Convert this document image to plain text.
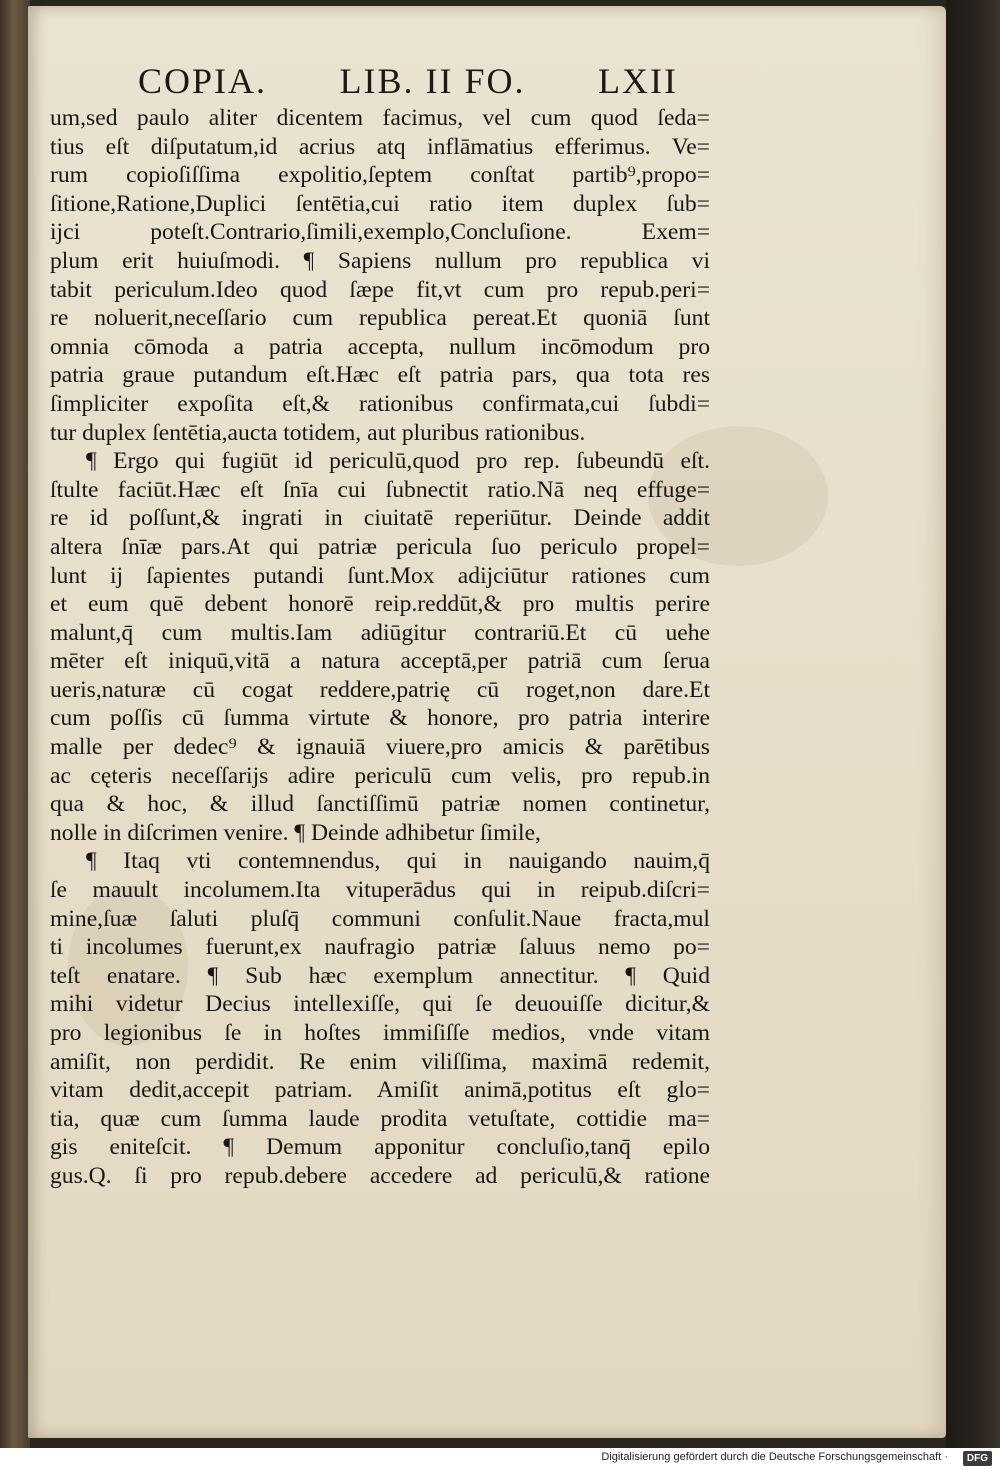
COPIA. LIB. II FO. LXII
um,sed paulo aliter dicentem facimus, vel cum quod ſeda=
tius eſt diſputatum,id acrius atq inflāmatius efferimus. Ve=
rum copioſiſſima expolitio,ſeptem conſtat partib⁹,propo=
ſitione,Ratione,Duplici ſentētia,cui ratio item duplex ſub=
ijci poteſt.Contrario,ſimili,exemplo,Concluſione. Exem=
plum erit huiuſmodi. ¶ Sapiens nullum pro republica vi
tabit periculum.Ideo quod ſæpe fit,vt cum pro repub.peri=
re noluerit,neceſſario cum republica pereat.Et quoniā ſunt
omnia cōmoda a patria accepta, nullum incōmodum pro
patria graue putandum eſt.Hæc eſt patria pars, qua tota res
ſimpliciter expoſita eſt,& rationibus confirmata,cui ſubdi=
tur duplex ſentētia,aucta totidem, aut pluribus rationibus.
¶ Ergo qui fugiūt id periculū,quod pro rep. ſubeundū eſt.
ſtulte faciūt.Hæc eſt ſnīa cui ſubnectit ratio.Nā neq effuge=
re id poſſunt,& ingrati in ciuitatē reperiūtur. Deinde addit
altera ſnīæ pars.At qui patriæ pericula ſuo periculo propel=
lunt ij ſapientes putandi ſunt.Mox adijciūtur rationes cum
et eum quē debent honorē reip.reddūt,& pro multis perire
malunt,q̄ cum multis.Iam adiūgitur contrariū.Et cū uehe
mēter eſt iniquū,vitā a natura acceptā,per patriā cum ſerua
ueris,naturæ cū cogat reddere,patrię cū roget,non dare.Et
cum poſſis cū ſumma virtute & honore, pro patria interire
malle per dedec⁹ & ignauiā viuere,pro amicis & parētibus
ac cęteris neceſſarijs adire periculū cum velis, pro repub.in
qua & hoc, & illud ſanctiſſimū patriæ nomen continetur,
nolle in diſcrimen venire. ¶ Deinde adhibetur ſimile,
¶ Itaq vti contemnendus, qui in nauigando nauim,q̄
ſe mauult incolumem.Ita vituperādus qui in reipub.diſcri=
mine,ſuæ ſaluti pluſq̄ communi conſulit.Naue fracta,mul
ti incolumes fuerunt,ex naufragio patriæ ſaluus nemo po=
teſt enatare. ¶ Sub hæc exemplum annectitur. ¶ Quid
mihi videtur Decius intellexiſſe, qui ſe deuouiſſe dicitur,&
pro legionibus ſe in hoſtes immiſiſſe medios, vnde vitam
amiſit, non perdidit. Re enim viliſſima, maximā redemit,
vitam dedit,accepit patriam. Amiſit animā,potitus eſt glo=
tia, quæ cum ſumma laude prodita vetuſtate, cottidie ma=
gis eniteſcit. ¶ Demum apponitur concluſio,tanq̄ epilo
gus.Q. ſi pro repub.debere accedere ad periculū,& ratione
Digitalisierung gefördert durch die Deutsche Forschungsgemeinschaft ·	DFG
